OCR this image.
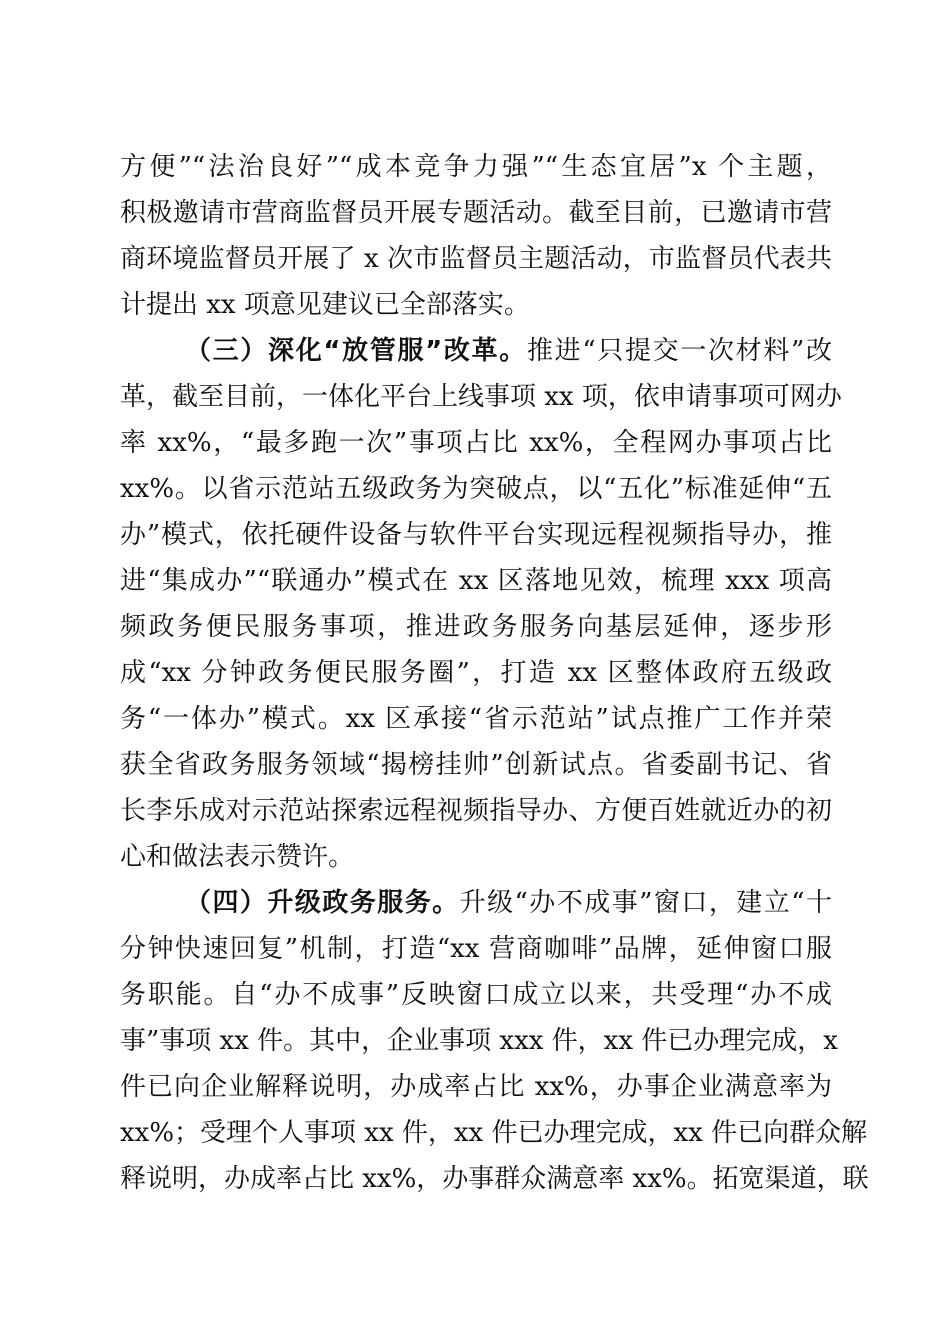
方便”“法治良好”“成本竞争力强”“生态宜居”x 个主题，
积极邀请市营商监督员开展专题活动。截至目前，已邀请市营
商环境监督员开展了 x 次市监督员主题活动，市监督员代表共
计提出 xx 项意见建议已全部落实。
（三）深化“放管服”改革。推进“只提交一次材料”改
革，截至目前，一体化平台上线事项 xx 项，依申请事项可网办
率 xx%，“最多跑一次”事项占比 xx%，全程网办事项占比
xx%。以省示范站五级政务为突破点，以“五化”标准延伸“五
办”模式，依托硬件设备与软件平台实现远程视频指导办，推
进“集成办”“联通办”模式在 xx 区落地见效，梳理 xxx 项高
频政务便民服务事项，推进政务服务向基层延伸，逐步形
成“xx 分钟政务便民服务圈”，打造 xx 区整体政府五级政
务“一体办”模式。xx 区承接“省示范站”试点推广工作并荣
获全省政务服务领域“揭榜挂帅”创新试点。省委副书记、省
长李乐成对示范站探索远程视频指导办、方便百姓就近办的初
心和做法表示赞许。
（四）升级政务服务。升级“办不成事”窗口，建立“十
分钟快速回复”机制，打造“xx 营商咖啡”品牌，延伸窗口服
务职能。自“办不成事”反映窗口成立以来，共受理“办不成
事”事项 xx 件。其中，企业事项 xxx 件，xx 件已办理完成，x
件已向企业解释说明，办成率占比 xx%，办事企业满意率为
xx%；受理个人事项 xx 件，xx 件已办理完成，xx 件已向群众解
释说明，办成率占比 xx%，办事群众满意率 xx%。拓宽渠道，联
